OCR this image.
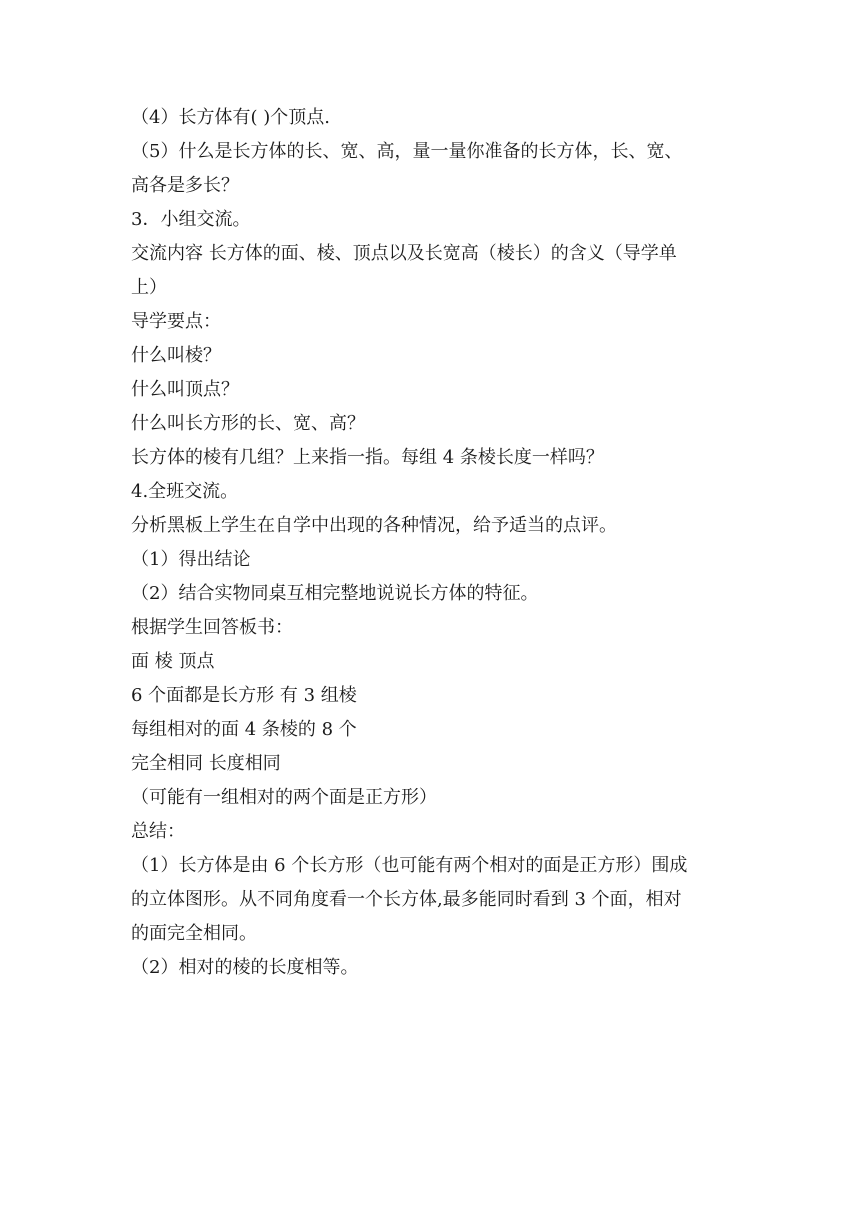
（4）长方体有( )个顶点.
（5）什么是长方体的长、宽、高，量一量你准备的长方体，长、宽、
高各是多长？
3．小组交流。
交流内容 长方体的面、棱、顶点以及长宽高（棱长）的含义（导学单
上）
导学要点：
什么叫棱？
什么叫顶点？
什么叫长方形的长、宽、高？
长方体的棱有几组？上来指一指。每组 4 条棱长度一样吗？
4.全班交流。
分析黑板上学生在自学中出现的各种情况，给予适当的点评。
（1）得出结论
（2）结合实物同桌互相完整地说说长方体的特征。
根据学生回答板书：
面 棱 顶点
6 个面都是长方形 有 3 组棱
每组相对的面 4 条棱的 8 个
完全相同 长度相同
（可能有一组相对的两个面是正方形）
总结：
（1）长方体是由 6 个长方形（也可能有两个相对的面是正方形）围成
的立体图形。从不同角度看一个长方体,最多能同时看到 3 个面，相对
的面完全相同。
（2）相对的棱的长度相等。
